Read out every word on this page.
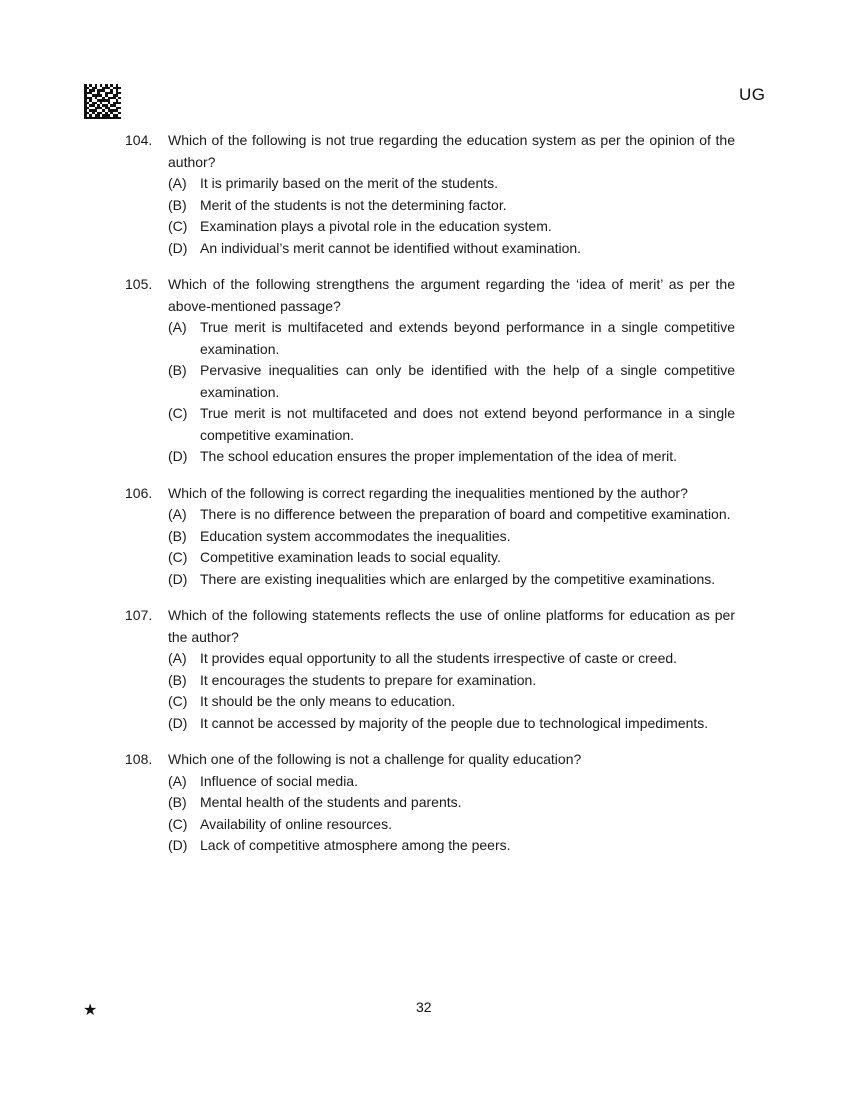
UG
104.	Which of the following is not true regarding the education system as per the opinion of the author?
(A) It is primarily based on the merit of the students.
(B) Merit of the students is not the determining factor.
(C) Examination plays a pivotal role in the education system.
(D) An individual’s merit cannot be identified without examination.
105.	Which of the following strengthens the argument regarding the ‘idea of merit’ as per the above-mentioned passage?
(A) True merit is multifaceted and extends beyond performance in a single competitive examination.
(B) Pervasive inequalities can only be identified with the help of a single competitive examination.
(C) True merit is not multifaceted and does not extend beyond performance in a single competitive examination.
(D) The school education ensures the proper implementation of the idea of merit.
106.	Which of the following is correct regarding the inequalities mentioned by the author?
(A) There is no difference between the preparation of board and competitive examination.
(B) Education system accommodates the inequalities.
(C) Competitive examination leads to social equality.
(D) There are existing inequalities which are enlarged by the competitive examinations.
107.	Which of the following statements reflects the use of online platforms for education as per the author?
(A) It provides equal opportunity to all the students irrespective of caste or creed.
(B) It encourages the students to prepare for examination.
(C) It should be the only means to education.
(D) It cannot be accessed by majority of the people due to technological impediments.
108.	Which one of the following is not a challenge for quality education?
(A) Influence of social media.
(B) Mental health of the students and parents.
(C) Availability of online resources.
(D) Lack of competitive atmosphere among the peers.
★	32
